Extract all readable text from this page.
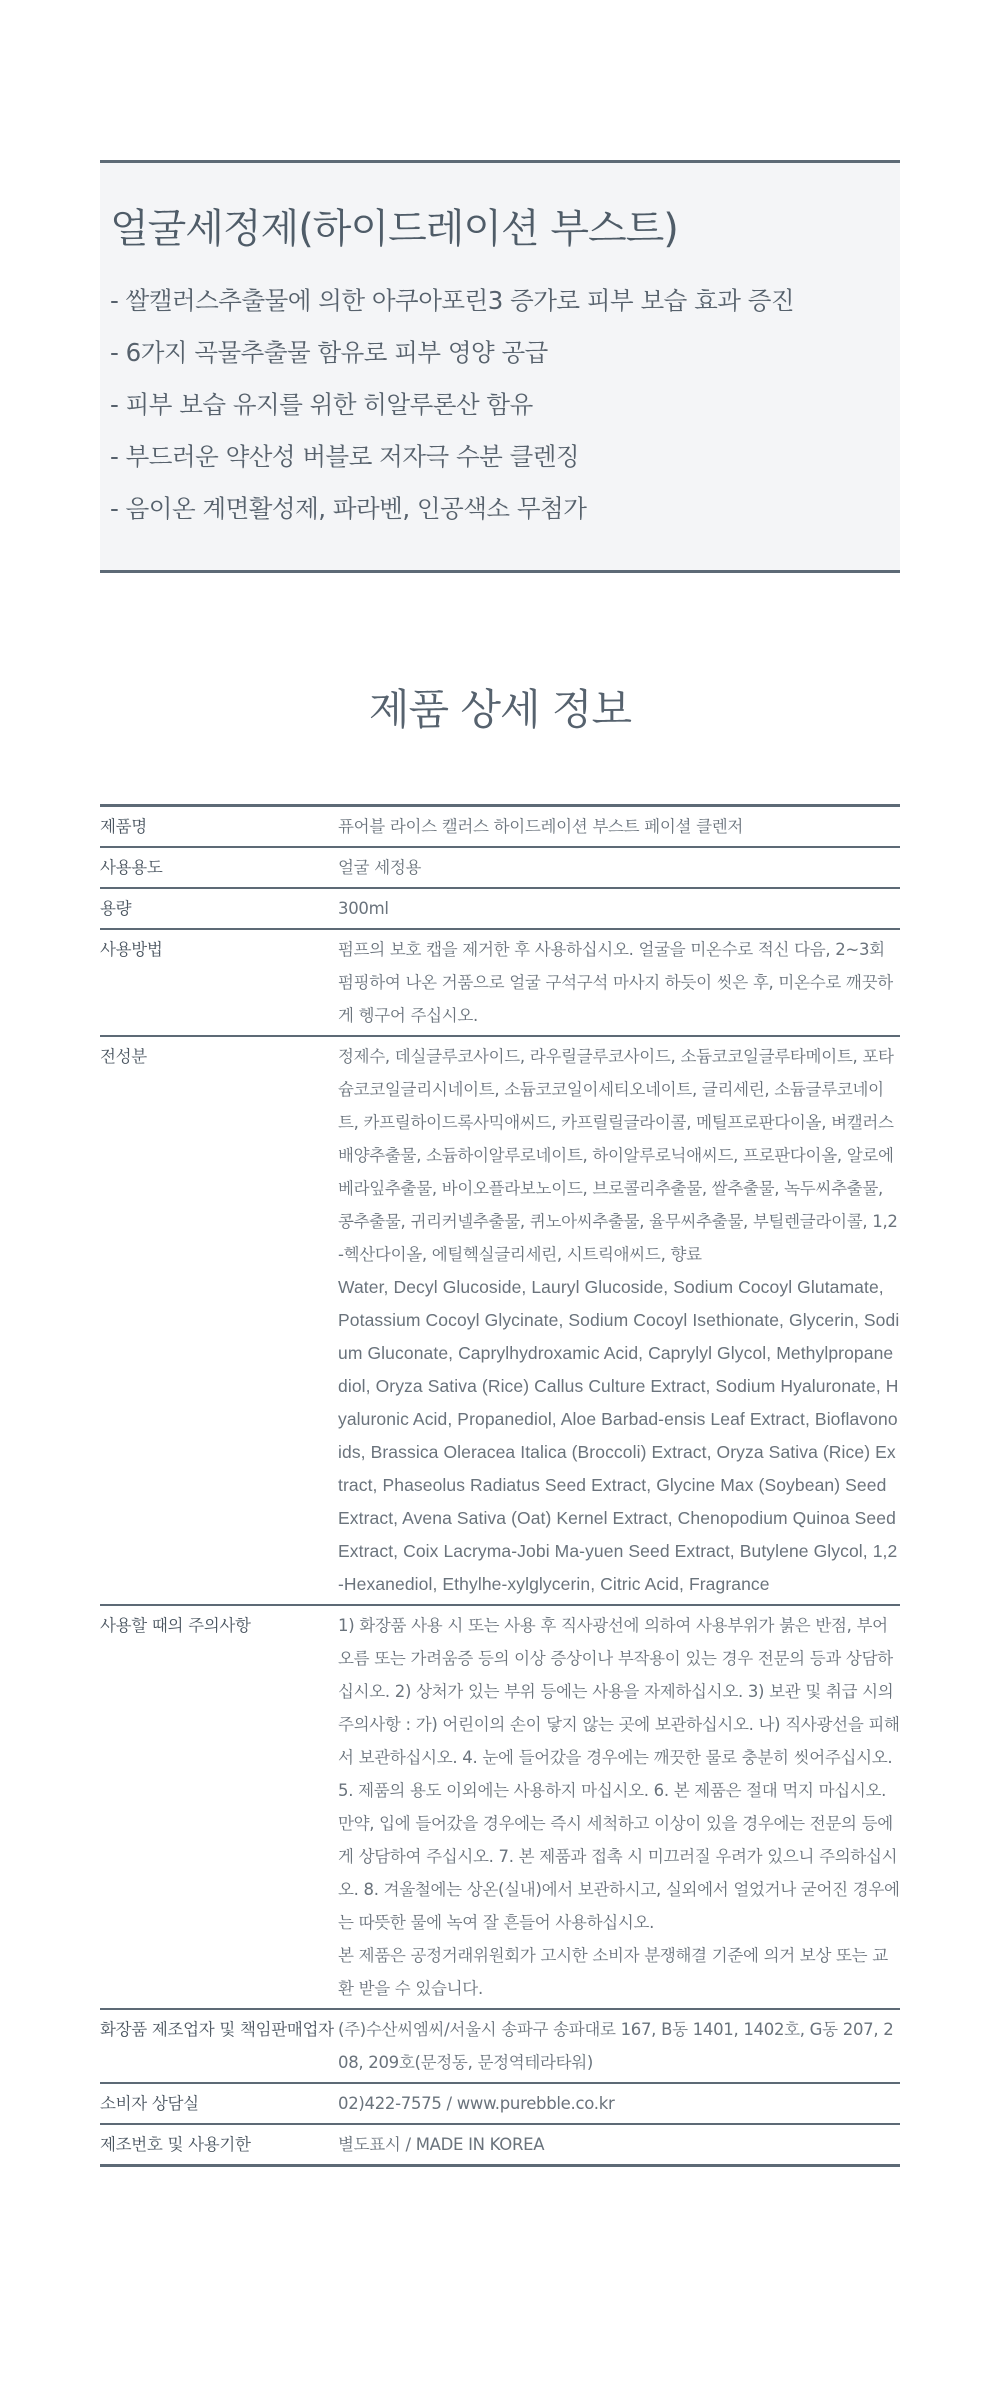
얼굴세정제(하이드레이션 부스트)
- 쌀캘러스추출물에 의한 아쿠아포린3 증가로 피부 보습 효과 증진
- 6가지 곡물추출물 함유로 피부 영양 공급
- 피부 보습 유지를 위한 히알루론산 함유
- 부드러운 약산성 버블로 저자극 수분 클렌징
- 음이온 계면활성제, 파라벤, 인공색소 무첨가
제품 상세 정보
제품명	퓨어블 라이스 캘러스 하이드레이션 부스트 페이셜 클렌저
사용용도	얼굴 세정용
용량	300ml
사용방법	펌프의 보호 캡을 제거한 후 사용하십시오. 얼굴을 미온수로 적신 다음, 2~3회 펌핑하여 나온 거품으로 얼굴 구석구석 마사지 하듯이 씻은 후, 미온수로 깨끗하게 헹구어 주십시오.
전성분	정제수, 데실글루코사이드, 라우릴글루코사이드, 소듐코코일글루타메이트, 포타슘코코일글리시네이트, 소듐코코일이세티오네이트, 글리세린, 소듐글루코네이트, 카프릴하이드록사믹애씨드, 카프릴릴글라이콜, 메틸프로판다이올, 벼캘러스배양추출물, 소듐하이알루로네이트, 하이알루로닉애씨드, 프로판다이올, 알로에베라잎추출물, 바이오플라보노이드, 브로콜리추출물, 쌀추출물, 녹두씨추출물, 콩추출물, 귀리커넬추출물, 퀴노아씨추출물, 율무씨추출물, 부틸렌글라이콜, 1,2-헥산다이올, 에틸헥실글리세린, 시트릭애씨드, 향료
Water, Decyl Glucoside, Lauryl Glucoside, Sodium Cocoyl Glutamate, Potassium Cocoyl Glycinate, Sodium Cocoyl Isethionate, Glycerin, Sodium Gluconate, Caprylhydroxamic Acid, Caprylyl Glycol, Methylpropanediol, Oryza Sativa (Rice) Callus Culture Extract, Sodium Hyaluronate, Hyaluronic Acid, Propanediol, Aloe Barbad-ensis Leaf Extract, Bioflavonoids, Brassica Oleracea Italica (Broccoli) Extract, Oryza Sativa (Rice) Extract, Phaseolus Radiatus Seed Extract, Glycine Max (Soybean) Seed Extract, Avena Sativa (Oat) Kernel Extract, Chenopodium Quinoa Seed Extract, Coix Lacryma-Jobi Ma-yuen Seed Extract, Butylene Glycol, 1,2-Hexanediol, Ethylhe-xylglycerin, Citric Acid, Fragrance

사용할 때의 주의사항	1) 화장품 사용 시 또는 사용 후 직사광선에 의하여 사용부위가 붉은 반점, 부어오름 또는 가려움증 등의 이상 증상이나 부작용이 있는 경우 전문의 등과 상담하십시오. 2) 상처가 있는 부위 등에는 사용을 자제하십시오. 3) 보관 및 취급 시의 주의사항 : 가) 어린이의 손이 닿지 않는 곳에 보관하십시오. 나) 직사광선을 피해서 보관하십시오. 4. 눈에 들어갔을 경우에는 깨끗한 물로 충분히 씻어주십시오. 5. 제품의 용도 이외에는 사용하지 마십시오. 6. 본 제품은 절대 먹지 마십시오. 만약, 입에 들어갔을 경우에는 즉시 세척하고 이상이 있을 경우에는 전문의 등에게 상담하여 주십시오. 7. 본 제품과 접촉 시 미끄러질 우려가 있으니 주의하십시오. 8. 겨울철에는 상온(실내)에서 보관하시고, 실외에서 얼었거나 굳어진 경우에는 따뜻한 물에 녹여 잘 흔들어 사용하십시오.
본 제품은 공정거래위원회가 고시한 소비자 분쟁해결 기준에 의거 보상 또는 교환 받을 수 있습니다.

화장품 제조업자 및 책임판매업자	(주)수산씨엠씨/서울시 송파구 송파대로 167, B동 1401, 1402호, G동 207, 208, 209호(문정동, 문정역테라타워)
소비자 상담실	02)422-7575 / www.purebble.co.kr
제조번호 및 사용기한	별도표시 / MADE IN KOREA
